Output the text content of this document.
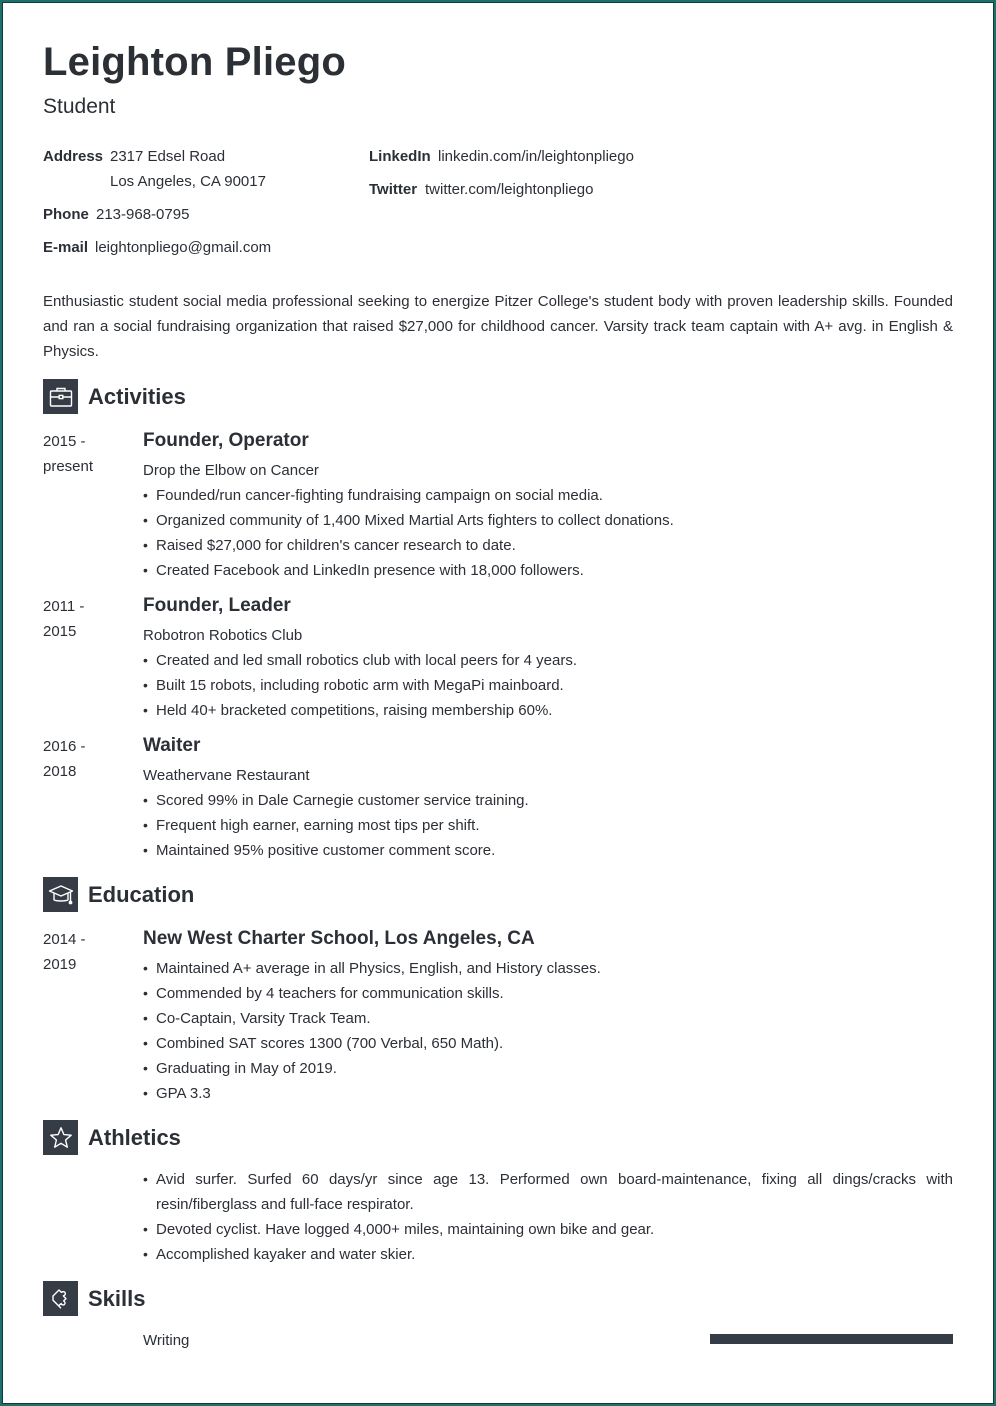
Leighton Pliego
Student
Address 2317 Edsel Road
Los Angeles, CA 90017
Phone 213-968-0795
E-mail leightonpliego@gmail.com
LinkedIn linkedin.com/in/leightonpliego
Twitter twitter.com/leightonpliego
Enthusiastic student social media professional seeking to energize Pitzer College's student body with proven leadership skills. Founded and ran a social fundraising organization that raised $27,000 for childhood cancer. Varsity track team captain with A+ avg. in English & Physics.
Activities
2015 -
present
Founder, Operator
Drop the Elbow on Cancer
• Founded/run cancer-fighting fundraising campaign on social media.
• Organized community of 1,400 Mixed Martial Arts fighters to collect donations.
• Raised $27,000 for children's cancer research to date.
• Created Facebook and LinkedIn presence with 18,000 followers.
2011 -
2015
Founder, Leader
Robotron Robotics Club
• Created and led small robotics club with local peers for 4 years.
• Built 15 robots, including robotic arm with MegaPi mainboard.
• Held 40+ bracketed competitions, raising membership 60%.
2016 -
2018
Waiter
Weathervane Restaurant
• Scored 99% in Dale Carnegie customer service training.
• Frequent high earner, earning most tips per shift.
• Maintained 95% positive customer comment score.
Education
2014 -
2019
New West Charter School, Los Angeles, CA
• Maintained A+ average in all Physics, English, and History classes.
• Commended by 4 teachers for communication skills.
• Co-Captain, Varsity Track Team.
• Combined SAT scores 1300 (700 Verbal, 650 Math).
• Graduating in May of 2019.
• GPA 3.3
Athletics
• Avid surfer. Surfed 60 days/yr since age 13. Performed own board-maintenance, fixing all dings/cracks with resin/fiberglass and full-face respirator.
• Devoted cyclist. Have logged 4,000+ miles, maintaining own bike and gear.
• Accomplished kayaker and water skier.
Skills
Writing
